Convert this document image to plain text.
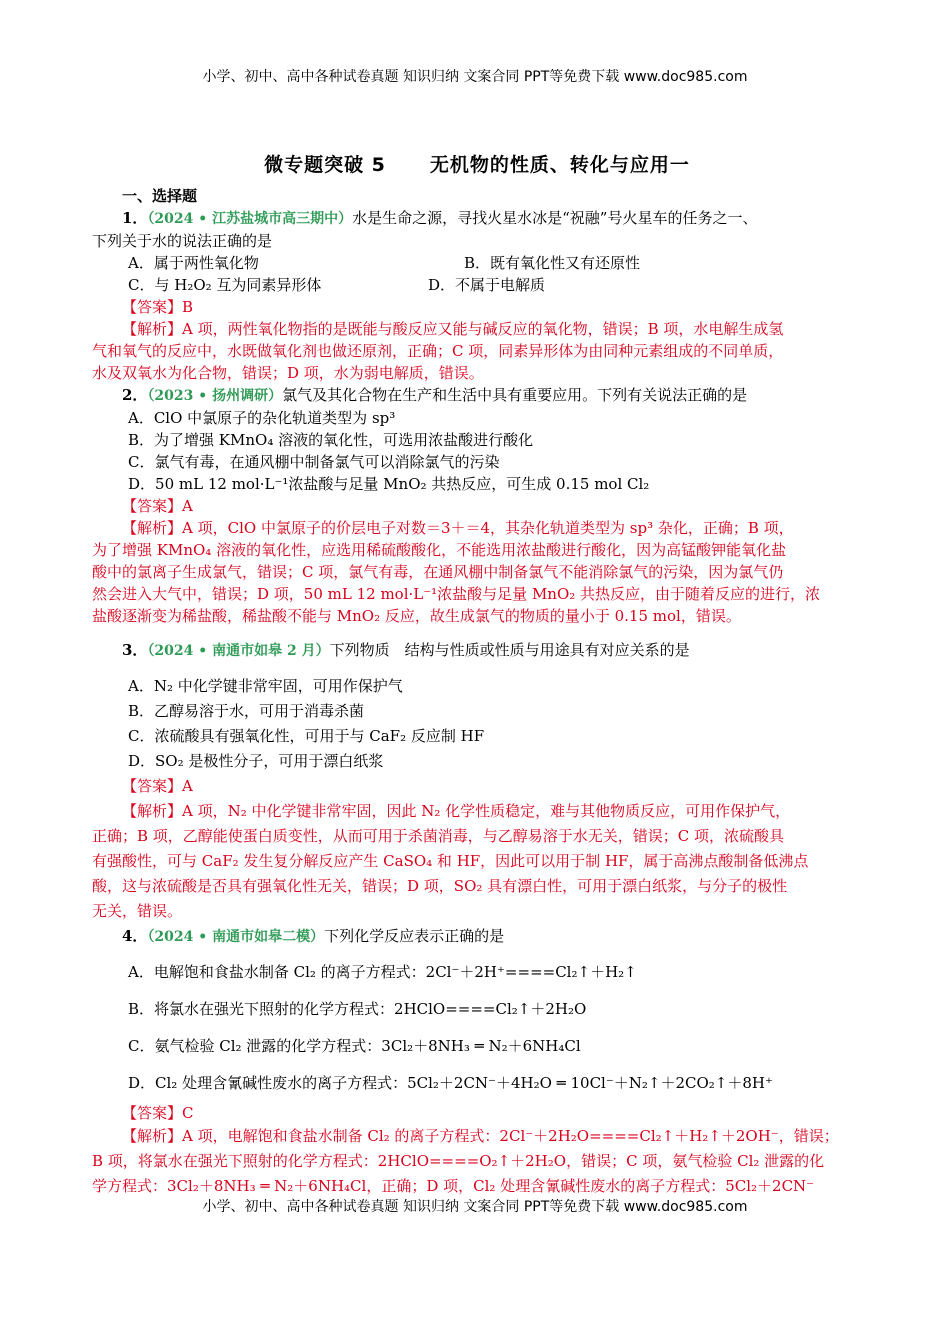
小学、初中、高中各种试卷真题 知识归纳 文案合同 PPT等免费下载 www.doc985.com
微专题突破 5 无机物的性质、转化与应用一
一、选择题
1．（2024 • 江苏盐城市高三期中）水是生命之源，寻找火星水冰是“祝融”号火星车的任务之一、
下列关于水的说法正确的是
A．属于两性氧化物	B．既有氧化性又有还原性
C．与 H₂O₂ 互为同素异形体	D．不属于电解质
【答案】B
【解析】A 项，两性氧化物指的是既能与酸反应又能与碱反应的氧化物，错误；B 项，水电解生成氢
气和氧气的反应中，水既做氧化剂也做还原剂，正确；C 项，同素异形体为由同种元素组成的不同单质，
水及双氧水为化合物，错误；D 项，水为弱电解质，错误。
2．（2023 • 扬州调研）氯气及其化合物在生产和生活中具有重要应用。下列有关说法正确的是
A．ClO 中氯原子的杂化轨道类型为 sp³
B．为了增强 KMnO₄ 溶液的氧化性，可选用浓盐酸进行酸化
C．氯气有毒，在通风棚中制备氯气可以消除氯气的污染
D．50 mL 12 mol·L⁻¹浓盐酸与足量 MnO₂ 共热反应，可生成 0.15 mol Cl₂
【答案】A
【解析】A 项，ClO 中氯原子的价层电子对数＝3＋＝4，其杂化轨道类型为 sp³ 杂化，正确；B 项，
为了增强 KMnO₄ 溶液的氧化性，应选用稀硫酸酸化，不能选用浓盐酸进行酸化，因为高锰酸钾能氧化盐
酸中的氯离子生成氯气，错误；C 项，氯气有毒，在通风棚中制备氯气不能消除氯气的污染，因为氯气仍
然会进入大气中，错误；D 项，50 mL 12 mol·L⁻¹浓盐酸与足量 MnO₂ 共热反应，由于随着反应的进行，浓
盐酸逐渐变为稀盐酸，稀盐酸不能与 MnO₂ 反应，故生成氯气的物质的量小于 0.15 mol，错误。
3．（2024 • 南通市如皋 2 月）下列物质　结构与性质或性质与用途具有对应关系的是
A．N₂ 中化学键非常牢固，可用作保护气
B．乙醇易溶于水，可用于消毒杀菌
C．浓硫酸具有强氧化性，可用于与 CaF₂ 反应制 HF
D．SO₂ 是极性分子，可用于漂白纸浆
【答案】A
【解析】A 项，N₂ 中化学键非常牢固，因此 N₂ 化学性质稳定，难与其他物质反应，可用作保护气，
正确；B 项，乙醇能使蛋白质变性，从而可用于杀菌消毒，与乙醇易溶于水无关，错误；C 项，浓硫酸具
有强酸性，可与 CaF₂ 发生复分解反应产生 CaSO₄ 和 HF，因此可以用于制 HF，属于高沸点酸制备低沸点
酸，这与浓硫酸是否具有强氧化性无关，错误；D 项，SO₂ 具有漂白性，可用于漂白纸浆，与分子的极性
无关，错误。
4．（2024 • 南通市如皋二模）下列化学反应表示正确的是
A．电解饱和食盐水制备 Cl₂ 的离子方程式：2Cl⁻＋2H⁺====Cl₂↑＋H₂↑
B．将氯水在强光下照射的化学方程式：2HClO====Cl₂↑＋2H₂O
C．氨气检验 Cl₂ 泄露的化学方程式：3Cl₂＋8NH₃ ═ N₂＋6NH₄Cl
D．Cl₂ 处理含氰碱性废水的离子方程式：5Cl₂＋2CN⁻＋4H₂O ═ 10Cl⁻＋N₂↑＋2CO₂↑＋8H⁺
【答案】C
【解析】A 项，电解饱和食盐水制备 Cl₂ 的离子方程式：2Cl⁻＋2H₂O====Cl₂↑＋H₂↑＋2OH⁻，错误；
B 项，将氯水在强光下照射的化学方程式：2HClO====O₂↑＋2H₂O，错误；C 项，氨气检验 Cl₂ 泄露的化
学方程式：3Cl₂＋8NH₃ ═ N₂＋6NH₄Cl，正确；D 项，Cl₂ 处理含氰碱性废水的离子方程式：5Cl₂＋2CN⁻
小学、初中、高中各种试卷真题 知识归纳 文案合同 PPT等免费下载 www.doc985.com
